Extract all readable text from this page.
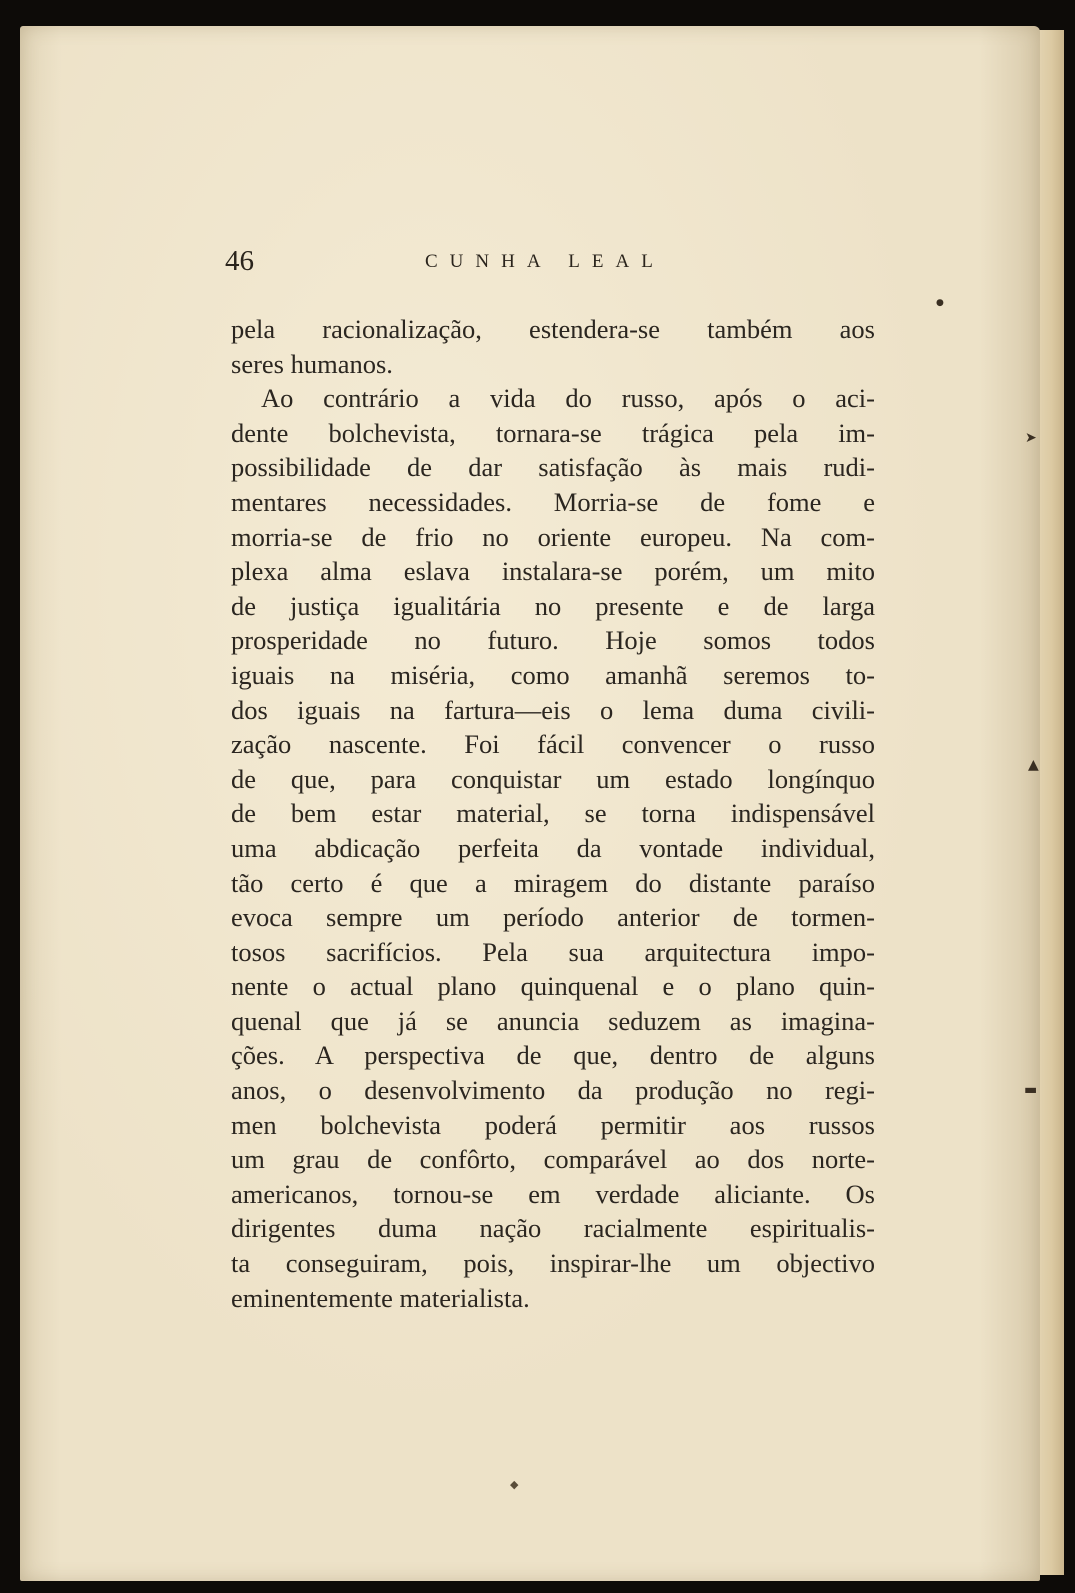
46	CUNHA LEAL
pela racionalização, estendera-se também aos
seres humanos.
Ao contrário a vida do russo, após o aci-
dente bolchevista, tornara-se trágica pela im-
possibilidade de dar satisfação às mais rudi-
mentares necessidades. Morria-se de fome e
morria-se de frio no oriente europeu. Na com-
plexa alma eslava instalara-se porém, um mito
de justiça igualitária no presente e de larga
prosperidade no futuro. Hoje somos todos
iguais na miséria, como amanhã seremos to-
dos iguais na fartura—eis o lema duma civili-
zação nascente. Foi fácil convencer o russo
de que, para conquistar um estado longínquo
de bem estar material, se torna indispensável
uma abdicação perfeita da vontade individual,
tão certo é que a miragem do distante paraíso
evoca sempre um período anterior de tormen-
tosos sacrifícios. Pela sua arquitectura impo-
nente o actual plano quinquenal e o plano quin-
quenal que já se anuncia seduzem as imagina-
ções. A perspectiva de que, dentro de alguns
anos, o desenvolvimento da produção no regi-
men bolchevista poderá permitir aos russos
um grau de confôrto, comparável ao dos norte-
americanos, tornou-se em verdade aliciante. Os
dirigentes duma nação racialmente espiritualis-
ta conseguiram, pois, inspirar-lhe um objectivo
eminentemente materialista.
◆
●
➤
▲
▬
